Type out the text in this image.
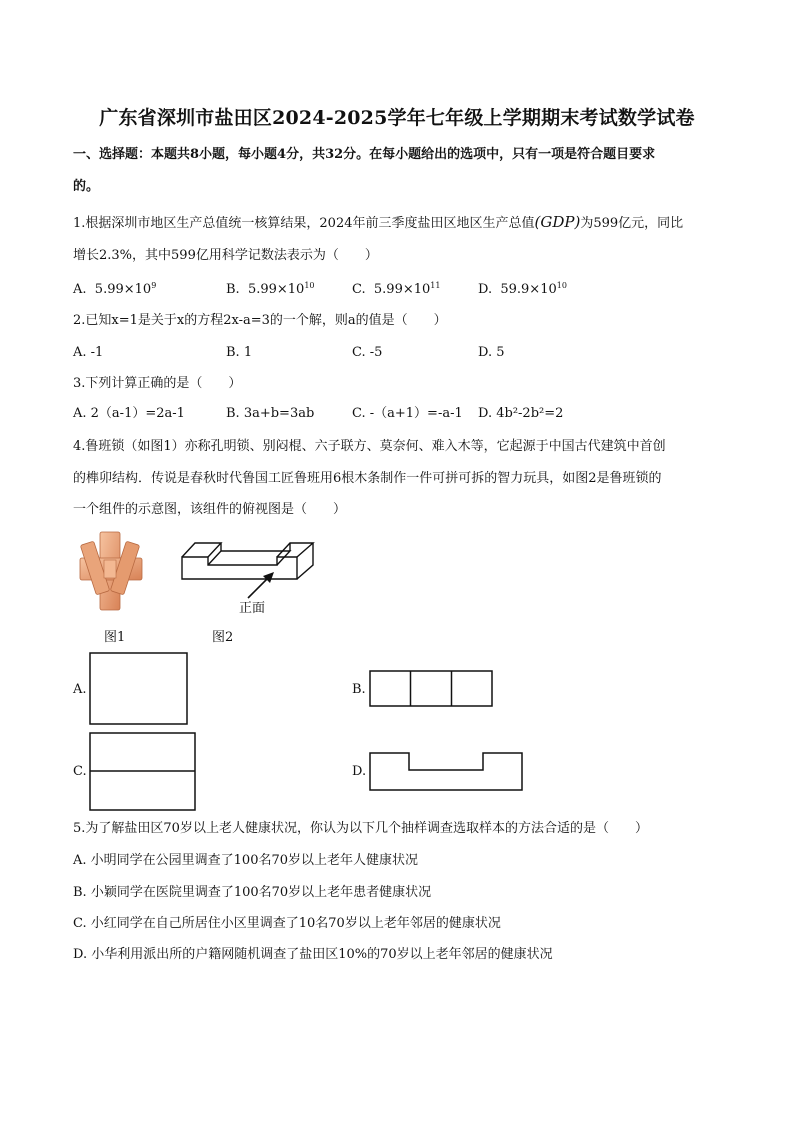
广东省深圳市盐田区2024-2025学年七年级上学期期末考试数学试卷
一、选择题：本题共8小题，每小题4分，共32分。在每小题给出的选项中，只有一项是符合题目要求
的。
1.根据深圳市地区生产总值统一核算结果，2024年前三季度盐田区地区生产总值(GDP)为599亿元，同比
增长2.3%，其中599亿用科学记数法表示为（　　）
A. $5.99\times 10^9$	B. $5.99\times 10^{10}$	C. $5.99\times 10^{11}$	D. $59.9\times 10^{10}$
2.已知x=1是关于x的方程2x-a=3的一个解，则a的值是（　　）
A. -1	B. 1	C. -5	D. 5
3.下列计算正确的是（　　）
A. 2（a-1）=2a-1	B. 3a+b=3ab	C. -（a+1）=-a-1 D. 4b²-2b²=2
4.鲁班锁（如图1）亦称孔明锁、别闷棍、六子联方、莫奈何、难入木等，它起源于中国古代建筑中首创
的榫卯结构．传说是春秋时代鲁国工匠鲁班用6根木条制作一件可拼可拆的智力玩具，如图2是鲁班锁的
一个组件的示意图，该组件的俯视图是（　　）
图1
正面
图2
A.	B.
C.	D.
5.为了解盐田区70岁以上老人健康状况，你认为以下几个抽样调查选取样本的方法合适的是（　　）
A. 小明同学在公园里调查了100名70岁以上老年人健康状况
B. 小颖同学在医院里调查了100名70岁以上老年患者健康状况
C. 小红同学在自己所居住小区里调查了10名70岁以上老年邻居的健康状况
D. 小华利用派出所的户籍网随机调查了盐田区10%的70岁以上老年邻居的健康状况
